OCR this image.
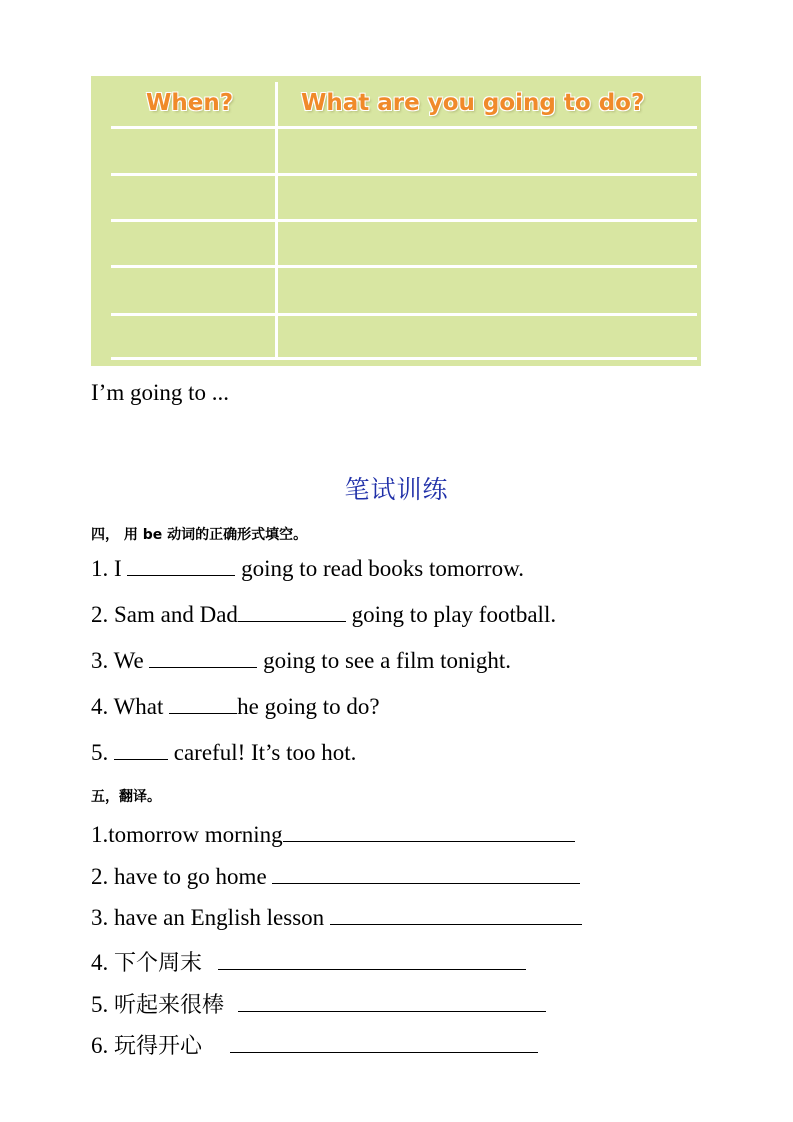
When?	What are you going to do?
I’m going to ...
笔试训练
四， 用 be 动词的正确形式填空。
1. I	going to read books tomorrow.
2. Sam and Dad	going to play football.
3. We	going to see a film tonight.
4. What	he going to do?
5.  careful! It’s too hot.
五，翻译。
1.tomorrow morning
2. have to go home
3. have an English lesson
4. 下个周末
5. 听起来很棒
6. 玩得开心
